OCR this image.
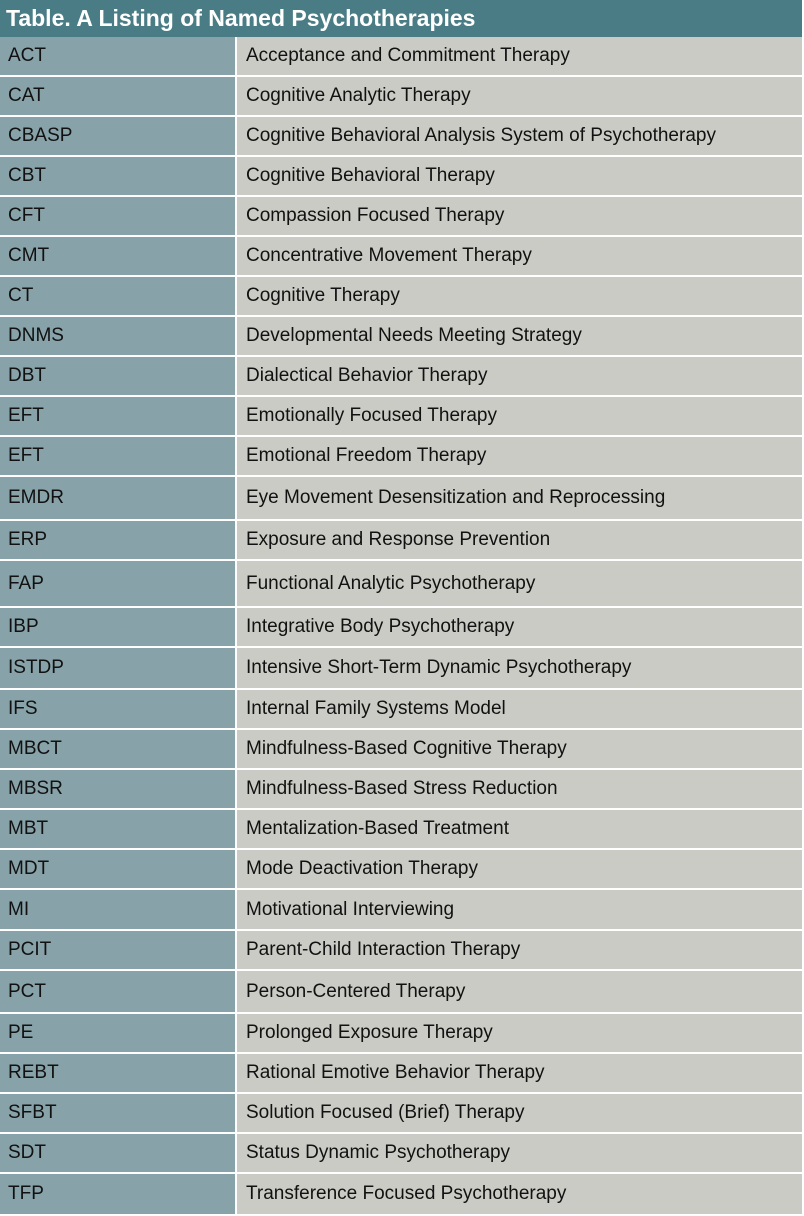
Table. A Listing of Named Psychotherapies
ACT	Acceptance and Commitment Therapy
CAT	Cognitive Analytic Therapy
CBASP	Cognitive Behavioral Analysis System of Psychotherapy
CBT	Cognitive Behavioral Therapy
CFT	Compassion Focused Therapy
CMT	Concentrative Movement Therapy
CT	Cognitive Therapy
DNMS	Developmental Needs Meeting Strategy
DBT	Dialectical Behavior Therapy
EFT	Emotionally Focused Therapy
EFT	Emotional Freedom Therapy
EMDR	Eye Movement Desensitization and Reprocessing
ERP	Exposure and Response Prevention
FAP	Functional Analytic Psychotherapy
IBP	Integrative Body Psychotherapy
ISTDP	Intensive Short-Term Dynamic Psychotherapy
IFS	Internal Family Systems Model
MBCT	Mindfulness-Based Cognitive Therapy
MBSR	Mindfulness-Based Stress Reduction
MBT	Mentalization-Based Treatment
MDT	Mode Deactivation Therapy
MI	Motivational Interviewing
PCIT	Parent-Child Interaction Therapy
PCT	Person-Centered Therapy
PE	Prolonged Exposure Therapy
REBT	Rational Emotive Behavior Therapy
SFBT	Solution Focused (Brief) Therapy
SDT	Status Dynamic Psychotherapy
TFP	Transference Focused Psychotherapy
